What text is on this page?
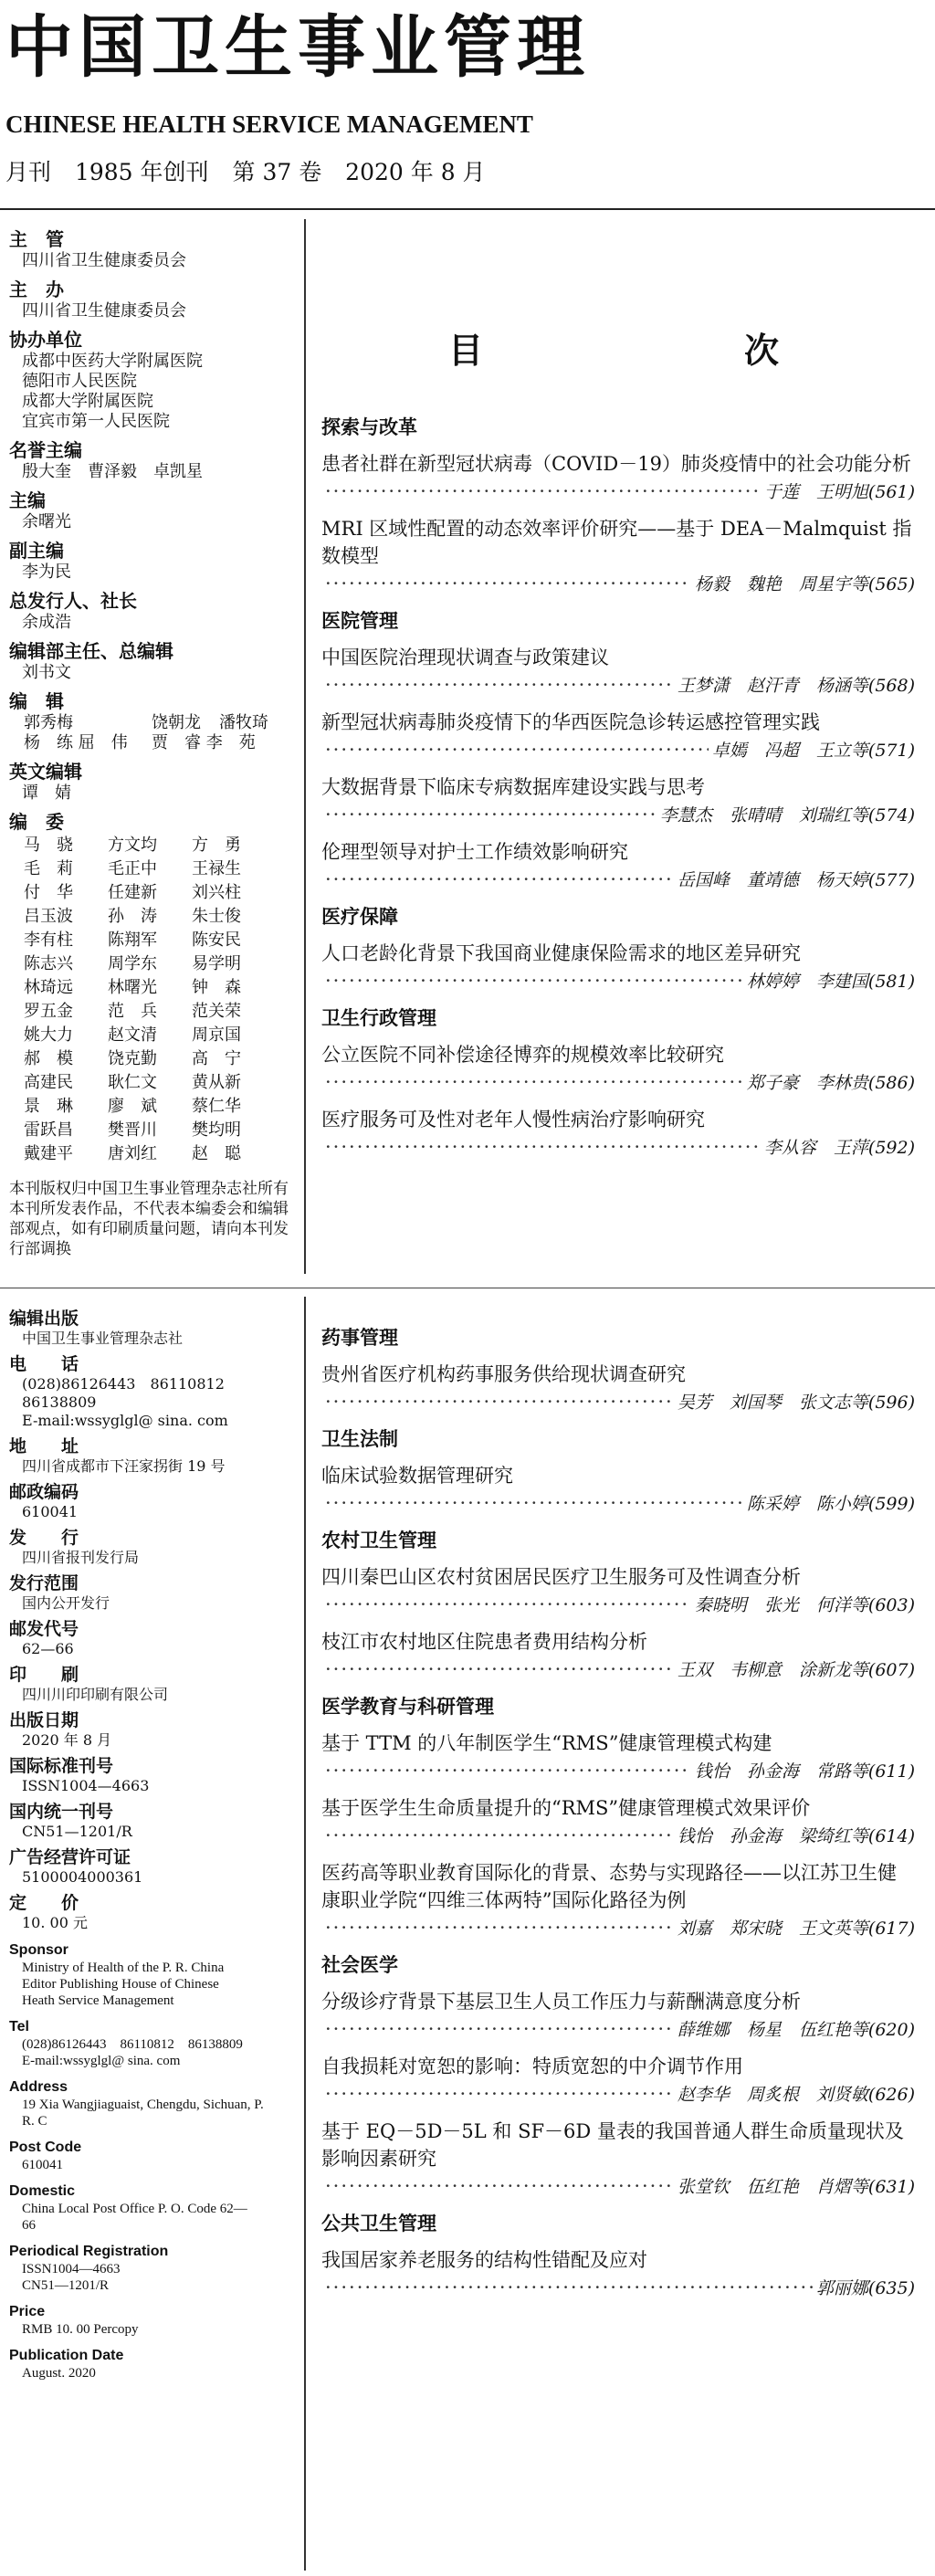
中国卫生事业管理
CHINESE HEALTH SERVICE MANAGEMENT
月刊 1985 年创刊 第 37 卷 2020 年 8 月
主　管
四川省卫生健康委员会
主　办
四川省卫生健康委员会
协办单位
成都中医药大学附属医院
德阳市人民医院
成都大学附属医院
宜宾市第一人民医院
名誉主编
殷大奎　曹泽毅　卓凯星
主编
余曙光
副主编
李为民
总发行人、社长
余成浩
编辑部主任、总编辑
刘书文
编　辑
郭秀梅	饶朝龙	潘牧琦
杨　练 屈　伟	贾　睿 李　苑
英文编辑
谭　婧
编　委
马　骁	方文均	方　勇
毛　莉	毛正中	王禄生
付　华	任建新	刘兴柱
吕玉波	孙　涛	朱士俊
李有柱	陈翔军	陈安民
陈志兴	周学东	易学明
林琦远	林曙光	钟　森
罗五金	范　兵	范关荣
姚大力	赵文清	周京国
郝　模	饶克勤	高　宁
高建民	耿仁文	黄从新
景　琳	廖　斌	蔡仁华
雷跃昌	樊晋川	樊均明
戴建平	唐刘红	赵　聪
本刊版权归中国卫生事业管理杂志社所有本刊所发表作品，不代表本编委会和编辑部观点，如有印刷质量问题，请向本刊发行部调换
编辑出版
中国卫生事业管理杂志社
电　　话
(028)86126443　86110812　86138809
E-mail:wssyglgl@ sina. com
地　　址
四川省成都市下汪家拐街 19 号
邮政编码
610041
发　　行
四川省报刊发行局
发行范围
国内公开发行
邮发代号
62—66
印　　刷
四川川印印刷有限公司
出版日期
2020 年 8 月
国际标准刊号
ISSN1004—4663
国内统一刊号
CN51—1201/R
广告经营许可证
5100004000361
定　　价
10. 00 元
Sponsor
Ministry of Health of the P. R. China
Editor Publishing House of Chinese
Heath Service Management
Tel
(028)86126443　86110812　86138809
E-mail:wssyglgl@ sina. com
Address
19 Xia Wangjiaguaist, Chengdu, Sichuan, P.
R. C
Post Code
610041
Domestic
China Local Post Office P. O. Code 62—
66
Periodical Registration
ISSN1004—4663
CN51—1201/R
Price
RMB 10. 00 Percopy
Publication Date
August. 2020
目　　次
探索与改革
患者社群在新型冠状病毒（COVID－19）肺炎疫情中的社会功能分析
·····
于莲　王明旭(561)
MRI 区域性配置的动态效率评价研究——基于 DEA－Malmquist 指数模型
·····
杨毅　魏艳　周星宇等(565)
医院管理
中国医院治理现状调查与政策建议
·····
王梦潇　赵汗青　杨涵等(568)
新型冠状病毒肺炎疫情下的华西医院急诊转运感控管理实践
·····
卓嫣　冯超　王立等(571)
大数据背景下临床专病数据库建设实践与思考
·····
李慧杰　张晴晴　刘瑞红等(574)
伦理型领导对护士工作绩效影响研究
·····
岳国峰　董靖德　杨天婷(577)
医疗保障
人口老龄化背景下我国商业健康保险需求的地区差异研究
·····
林婷婷　李建国(581)
卫生行政管理
公立医院不同补偿途径博弈的规模效率比较研究
·····
郑子豪　李林贵(586)
医疗服务可及性对老年人慢性病治疗影响研究
·····
李从容　王萍(592)
药事管理
贵州省医疗机构药事服务供给现状调查研究
·····
吴芳　刘国琴　张文志等(596)
卫生法制
临床试验数据管理研究
·····
陈采婷　陈小婷(599)
农村卫生管理
四川秦巴山区农村贫困居民医疗卫生服务可及性调查分析
·····
秦晓明　张光　何洋等(603)
枝江市农村地区住院患者费用结构分析
·····
王双　韦柳意　涂新龙等(607)
医学教育与科研管理
基于 TTM 的八年制医学生“RMS”健康管理模式构建
·····
钱怡　孙金海　常路等(611)
基于医学生生命质量提升的“RMS”健康管理模式效果评价
·····
钱怡　孙金海　梁绮红等(614)
医药高等职业教育国际化的背景、态势与实现路径——以江苏卫生健康职业学院“四维三体两特”国际化路径为例
·····
刘嘉　郑宋晓　王文英等(617)
社会医学
分级诊疗背景下基层卫生人员工作压力与薪酬满意度分析
·····
薛维娜　杨星　伍红艳等(620)
自我损耗对宽恕的影响：特质宽恕的中介调节作用
·····
赵李华　周炙根　刘贤敏(626)
基于 EQ－5D－5L 和 SF－6D 量表的我国普通人群生命质量现状及影响因素研究
·····
张堂钦　伍红艳　肖熠等(631)
公共卫生管理
我国居家养老服务的结构性错配及应对
·····
郭丽娜(635)
